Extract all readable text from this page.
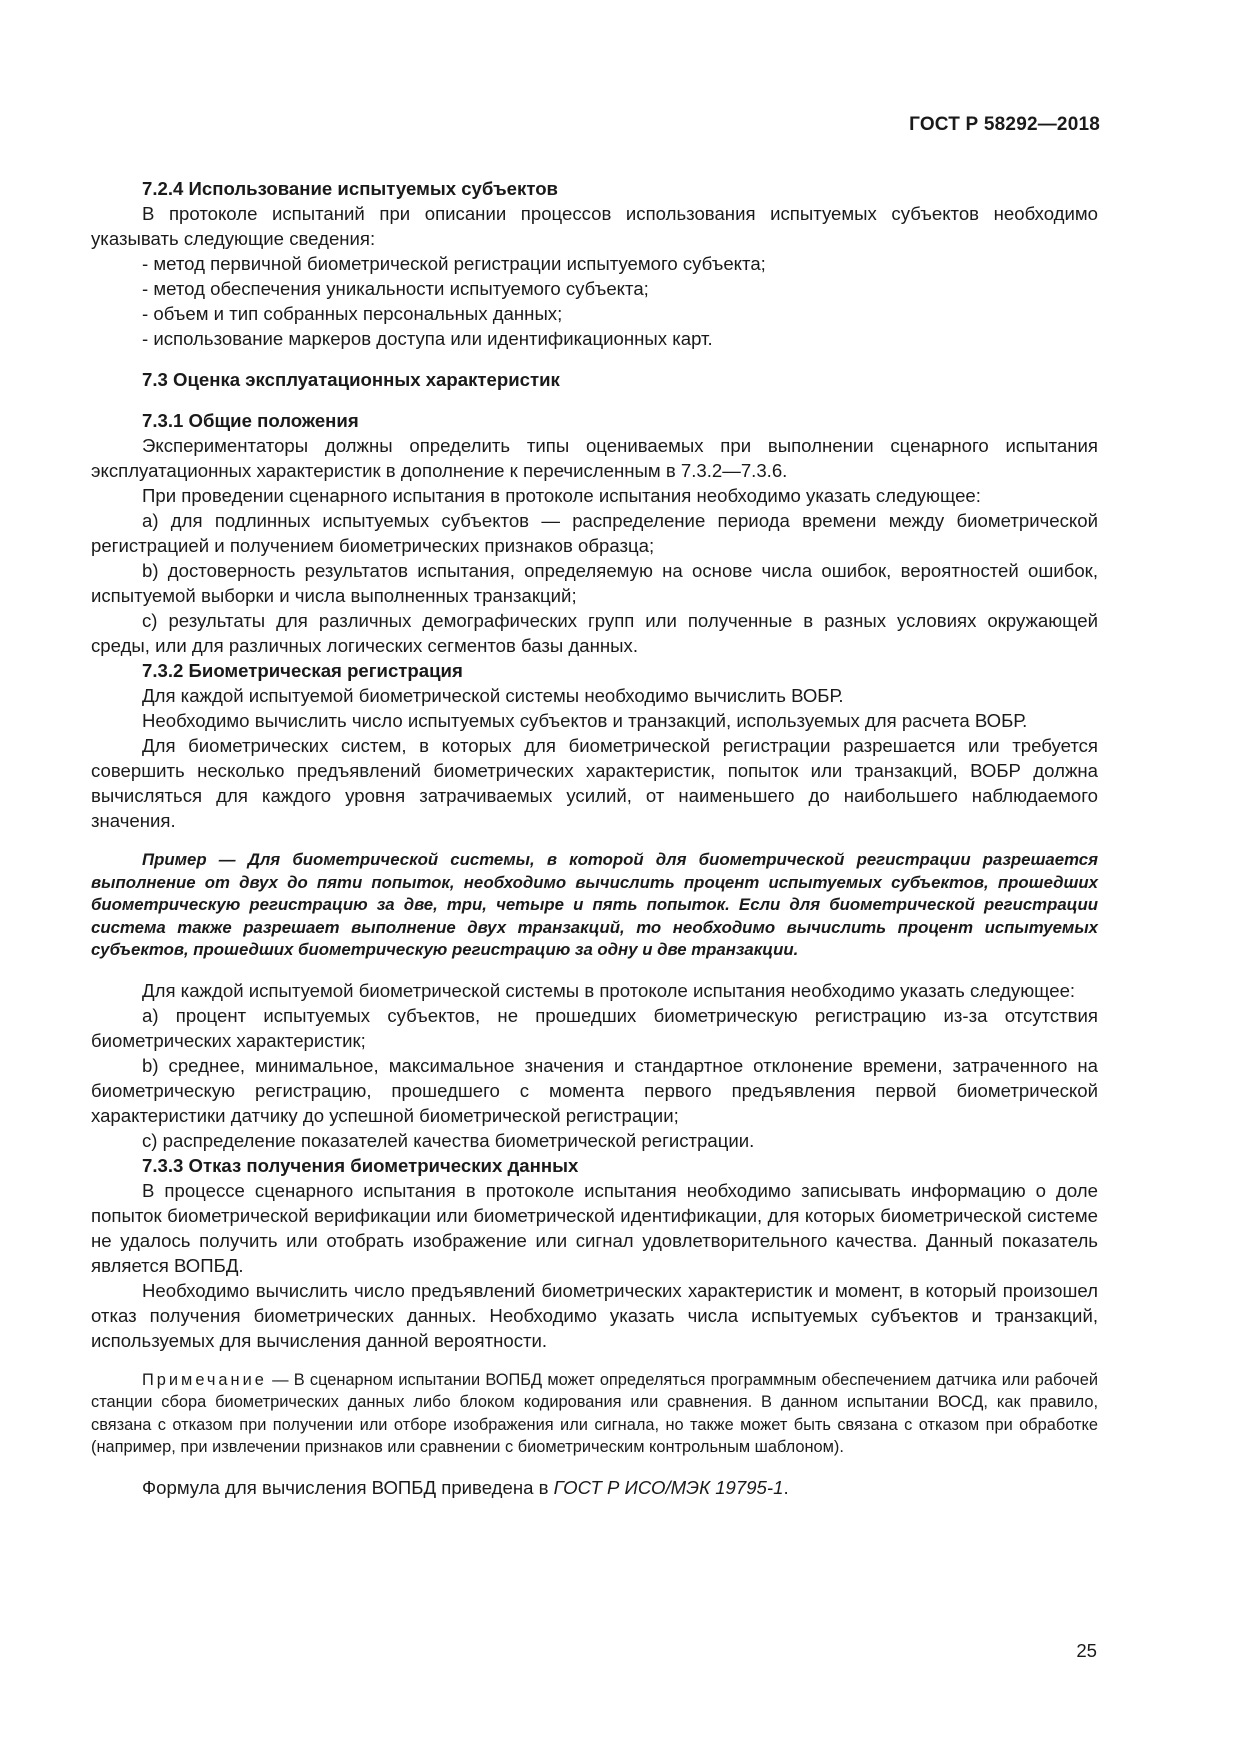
ГОСТ Р 58292—2018

7.2.4 Использование испытуемых субъектов

В протоколе испытаний при описании процессов использования испытуемых субъектов необходимо указывать следующие сведения:

- метод первичной биометрической регистрации испытуемого субъекта;

- метод обеспечения уникальности испытуемого субъекта;

- объем и тип собранных персональных данных;

- использование маркеров доступа или идентификационных карт.

7.3 Оценка эксплуатационных характеристик

7.3.1 Общие положения

Экспериментаторы должны определить типы оцениваемых при выполнении сценарного испытания эксплуатационных характеристик в дополнение к перечисленным в 7.3.2—7.3.6.

При проведении сценарного испытания в протоколе испытания необходимо указать следующее:

а) для подлинных испытуемых субъектов — распределение периода времени между биометрической регистрацией и получением биометрических признаков образца;

b) достоверность результатов испытания, определяемую на основе числа ошибок, вероятностей ошибок, испытуемой выборки и числа выполненных транзакций;

с) результаты для различных демографических групп или полученные в разных условиях окружающей среды, или для различных логических сегментов базы данных.

7.3.2 Биометрическая регистрация

Для каждой испытуемой биометрической системы необходимо вычислить ВОБР.

Необходимо вычислить число испытуемых субъектов и транзакций, используемых для расчета ВОБР.

Для биометрических систем, в которых для биометрической регистрации разрешается или требуется совершить несколько предъявлений биометрических характеристик, попыток или транзакций, ВОБР должна вычисляться для каждого уровня затрачиваемых усилий, от наименьшего до наибольшего наблюдаемого значения.

Пример — Для биометрической системы, в которой для биометрической регистрации разрешается выполнение от двух до пяти попыток, необходимо вычислить процент испытуемых субъектов, прошедших биометрическую регистрацию за две, три, четыре и пять попыток. Если для биометрической регистрации система также разрешает выполнение двух транзакций, то необходимо вычислить процент испытуемых субъектов, прошедших биометрическую регистрацию за одну и две транзакции.

Для каждой испытуемой биометрической системы в протоколе испытания необходимо указать следующее:

а) процент испытуемых субъектов, не прошедших биометрическую регистрацию из-за отсутствия биометрических характеристик;

b) среднее, минимальное, максимальное значения и стандартное отклонение времени, затраченного на биометрическую регистрацию, прошедшего с момента первого предъявления первой биометрической характеристики датчику до успешной биометрической регистрации;

с) распределение показателей качества биометрической регистрации.

7.3.3 Отказ получения биометрических данных

В процессе сценарного испытания в протоколе испытания необходимо записывать информацию о доле попыток биометрической верификации или биометрической идентификации, для которых биометрической системе не удалось получить или отобрать изображение или сигнал удовлетворительного качества. Данный показатель является ВОПБД.

Необходимо вычислить число предъявлений биометрических характеристик и момент, в который произошел отказ получения биометрических данных. Необходимо указать числа испытуемых субъектов и транзакций, используемых для вычисления данной вероятности.

Примечание — В сценарном испытании ВОПБД может определяться программным обеспечением датчика или рабочей станции сбора биометрических данных либо блоком кодирования или сравнения. В данном испытании ВОСД, как правило, связана с отказом при получении или отборе изображения или сигнала, но также может быть связана с отказом при обработке (например, при извлечении признаков или сравнении с биометрическим контрольным шаблоном).

Формула для вычисления ВОПБД приведена в ГОСТ Р ИСО/МЭК 19795-1.

25
